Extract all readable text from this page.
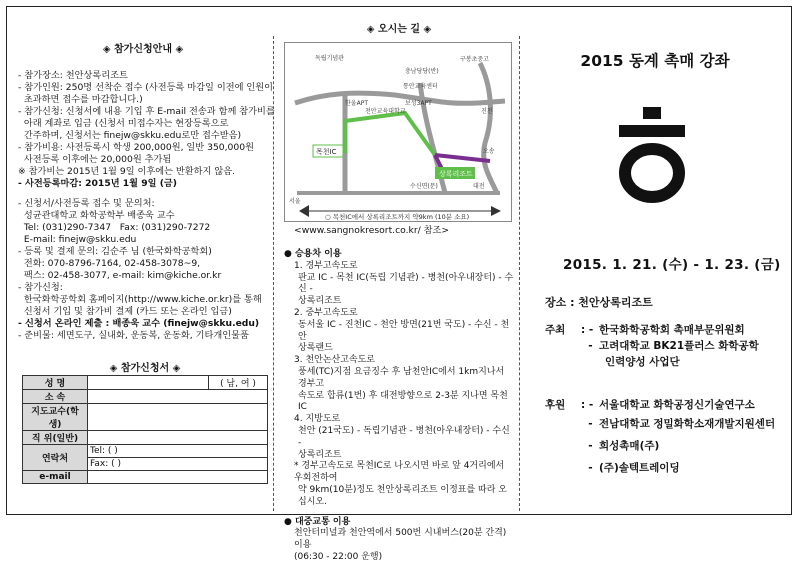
◈ 참가신청안내 ◈

- 참가장소: 천안상록리조트

- 참가인원: 250명 선착순 접수 (사전등록 마감일 이전에 인원이

초과하면 접수를 마감합니다.)

- 참가신청: 신청서에 내용 기입 후 E-mail 전송과 함께 참가비를

아래 계좌로 입금 (신청서 미접수자는 현장등록으로

간주하며, 신청서는 finejw@skku.edu로만 접수받음)

- 참가비용: 사전등록시 학생 200,000원, 일반 350,000원

사전등록 이후에는 20,000원 추가됨

※ 참가비는 2015년 1월 9일 이후에는 반환하지 않음.

- 사전등록마감: 2015년 1월 9일 (금)

- 신청서/사전등록 접수 및 문의처:

성균관대학교 화학공학부 배종욱 교수

Tel: (031)290-7347   Fax: (031)290-7272

E-mail: finejw@skku.edu

- 등록 및 결제 문의: 김순주 님 (한국화학공학회)

전화: 070-8796-7164, 02-458-3078~9,

팩스: 02-458-3077, e-mail: kim@kiche.or.kr

- 참가신청:

한국화학공학회 홈페이지(http://www.kiche.or.kr)를 통해

신청서 기입 및 참가비 결제 (카드 또는 온라인 입금)

- 신청서 온라인 제출 : 배종욱 교수 (finejw@skku.edu)

- 준비물: 세면도구, 실내화, 운동복, 운동화, 기타개인물품

◈ 참가신청서 ◈
성 명		( 남, 여 )
소 속		
지도교수(학생)		
직 위(일반)		
연락처	Tel: ( )	
	Fax: ( )	
e-mail		
◈ 오시는 길 ◈
목천IC
상록리조트
독립기념관
충남당당(반)
구봉초중고
통안교육센터
한울APT
천안교육대학교
보성3APT
서울
수신면(문)	대전
진천
오송
○ 목천IC에서 상록리조트까지 약9km (10분 소요)
<www.sangnokresort.co.kr/ 참조>

● 승용차 이용

1. 경부고속도로

판교 IC - 목천 IC(독립 기념관) - 병천(아우내장터) - 수신 -

상록리조트

2. 중부고속도로

동서울 IC - 진천IC - 천안 방면(21번 국도) - 수신 - 천안

상록랜드

3. 천안논산고속도로

풍세(TC)지점 요금징수 후 남천안IC에서 1km지나서 경부고

속도로 합류(1번) 후 대전방향으로 2-3분 지나면 목천IC

4. 지방도로

천안 (21국도) - 독립기념관 - 병천(아우내장터) - 수신 -

상록리조트

* 경부고속도로 목천IC로 나오시면 바로 앞 4거리에서 우회전하여

약 9km(10분)정도 천안상록리조트 이정표를 따라 오십시오.

● 대중교통 이용

천안터미널과 천안역에서 500번 시내버스(20분 간격) 이용

(06:30 - 22:00 운행)

2015 동계 촉매 강좌
2015. 1. 21. (수) - 1. 23. (금)
장소 : 천안상록리조트
주최	: - 한국화학공학회 촉매부문위원회
- 고려대학교 BK21플러스 화학공학
인력양성 사업단
후원	: - 서울대학교 화학공정신기술연구소
- 전남대학교 정밀화학소재개발지원센터
- 희성촉매(주)
- (주)솔텍트레이딩
